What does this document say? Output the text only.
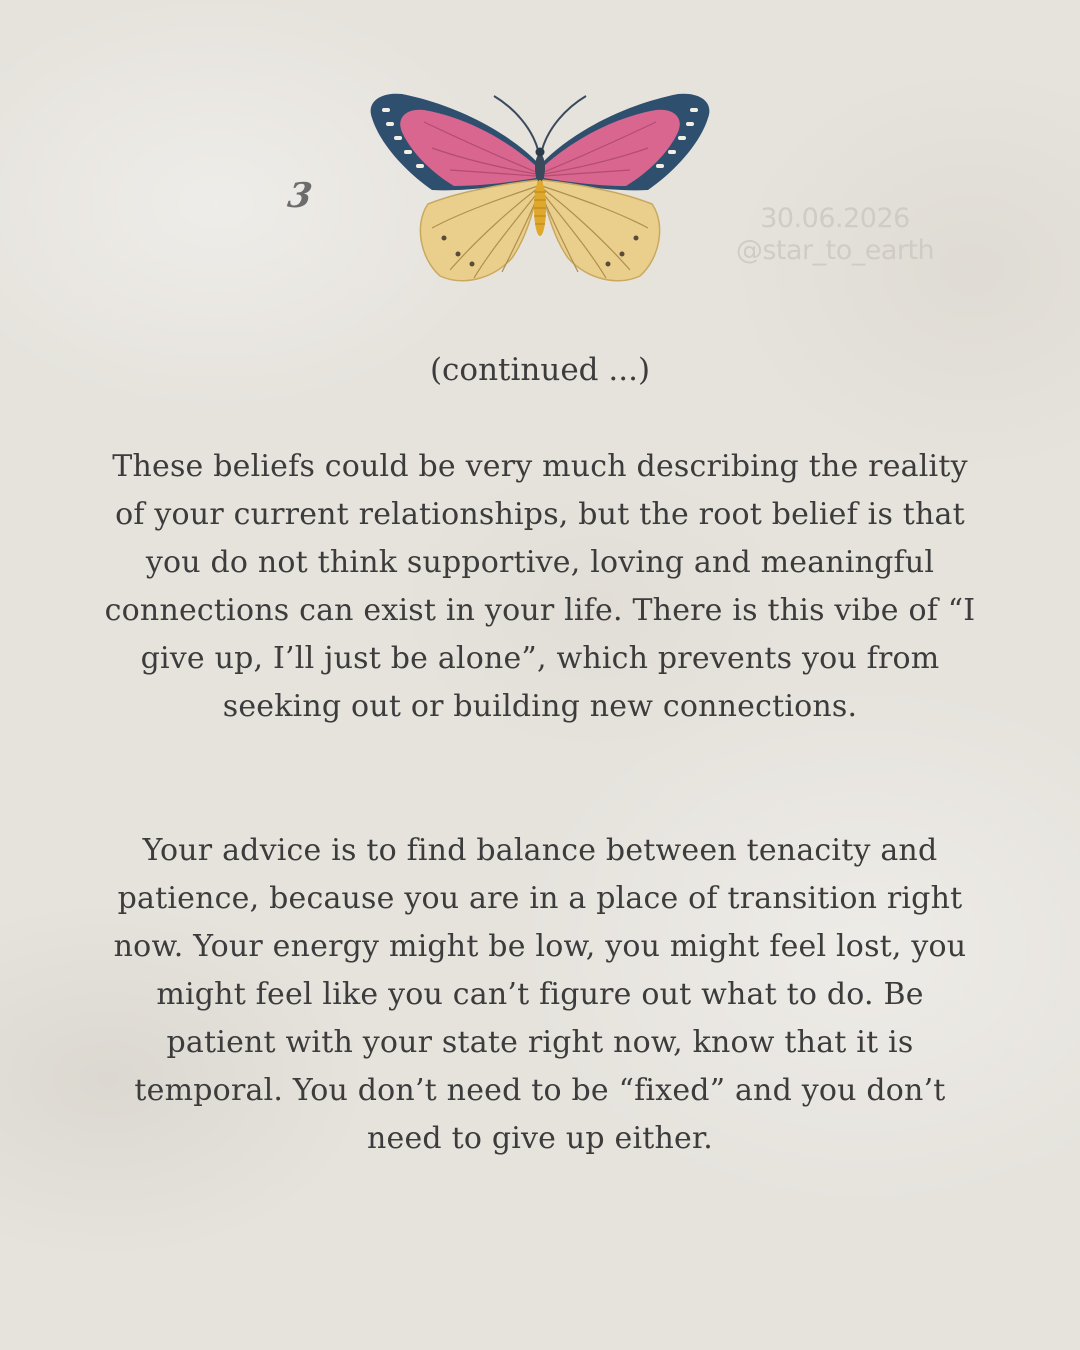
3
30.06.2026
@star_to_earth
(continued ...)
These beliefs could be very much describing the reality of your current relationships, but the root belief is that you do not think supportive, loving and meaningful connections can exist in your life. There is this vibe of “I give up, I’ll just be alone”, which prevents you from seeking out or building new connections.
Your advice is to find balance between tenacity and patience, because you are in a place of transition right now. Your energy might be low, you might feel lost, you might feel like you can’t figure out what to do. Be patient with your state right now, know that it is temporal. You don’t need to be “fixed” and you don’t need to give up either.
